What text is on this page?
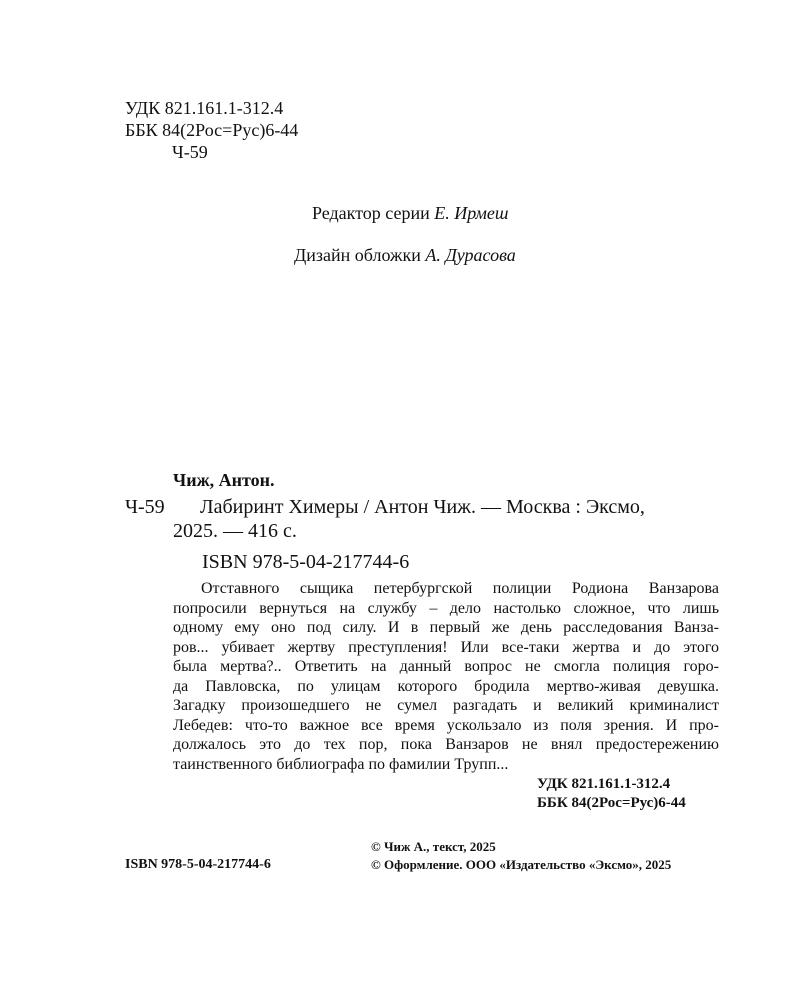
УДК 821.161.1-312.4
ББК 84(2Рос=Рус)6-44
Ч-59
Редактор серии Е. Ирмеш
Дизайн обложки А. Дурасова
Чиж, Антон.
Ч-59 Лабиринт Химеры / Антон Чиж. — Москва : Эксмо,
2025. — 416 с.
ISBN 978-5-04-217744-6
Отставного сыщика петербургской полиции Родиона Ванзарова
попросили вернуться на службу – дело настолько сложное, что лишь
одному ему оно под силу. И в первый же день расследования Ванза-
ров... убивает жертву преступления! Или все-таки жертва и до этого
была мертва?.. Ответить на данный вопрос не смогла полиция горо-
да Павловска, по улицам которого бродила мертво-живая девушка.
Загадку произошедшего не сумел разгадать и великий криминалист
Лебедев: что-то важное все время ускользало из поля зрения. И про-
должалось это до тех пор, пока Ванзаров не внял предостережению
таинственного библиографа по фамилии Трупп...
УДК 821.161.1-312.4
ББК 84(2Рос=Рус)6-44
ISBN 978-5-04-217744-6
© Чиж А., текст, 2025
© Оформление. ООО «Издательство «Эксмо», 2025
